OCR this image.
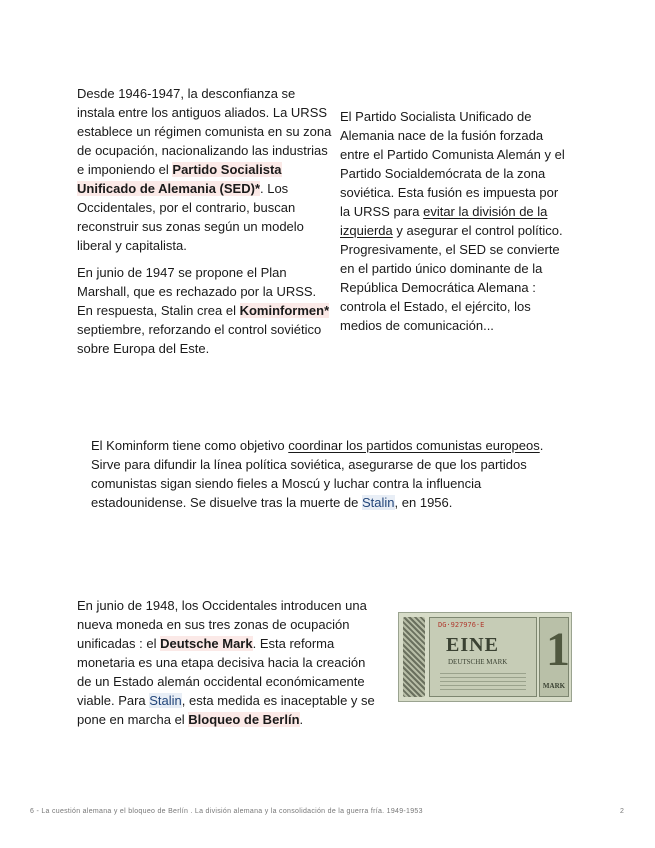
Desde 1946-1947, la desconfianza se instala entre los antiguos aliados. La URSS establece un régimen comunista en su zona de ocupación, nacionalizando las industrias e imponiendo el Partido Socialista Unificado de Alemania (SED)*. Los Occidentales, por el contrario, buscan reconstruir sus zonas según un modelo liberal y capitalista.

En junio de 1947 se propone el Plan Marshall, que es rechazado por la URSS. En respuesta, Stalin crea el Kominformen* septiembre, reforzando el control soviético sobre Europa del Este.

El Partido Socialista Unificado de Alemania nace de la fusión forzada entre el Partido Comunista Alemán y el Partido Socialdemócrata de la zona soviética. Esta fusión es impuesta por la URSS para evitar la división de la izquierda y asegurar el control político. Progresivamente, el SED se convierte en el partido único dominante de la República Democrática Alemana : controla el Estado, el ejército, los medios de comunicación...

El Kominform tiene como objetivo coordinar los partidos comunistas europeos. Sirve para difundir la línea política soviética, asegurarse de que los partidos comunistas sigan siendo fieles a Moscú y luchar contra la influencia estadounidense. Se disuelve tras la muerte de Stalin, en 1956.

En junio de 1948, los Occidentales introducen una nueva moneda en sus tres zonas de ocupación unificadas : el Deutsche Mark. Esta reforma monetaria es una etapa decisiva hacia la creación de un Estado alemán occidental económicamente viable. Para Stalin, esta medida es inaceptable y se pone en marcha el Bloqueo de Berlín.

DG·927976·E
EINE
DEUTSCHE MARK 1
MARK
6 - La cuestión alemana y el bloqueo de Berlín . La división alemana y la consolidación de la guerra fría. 1949-1953	2
